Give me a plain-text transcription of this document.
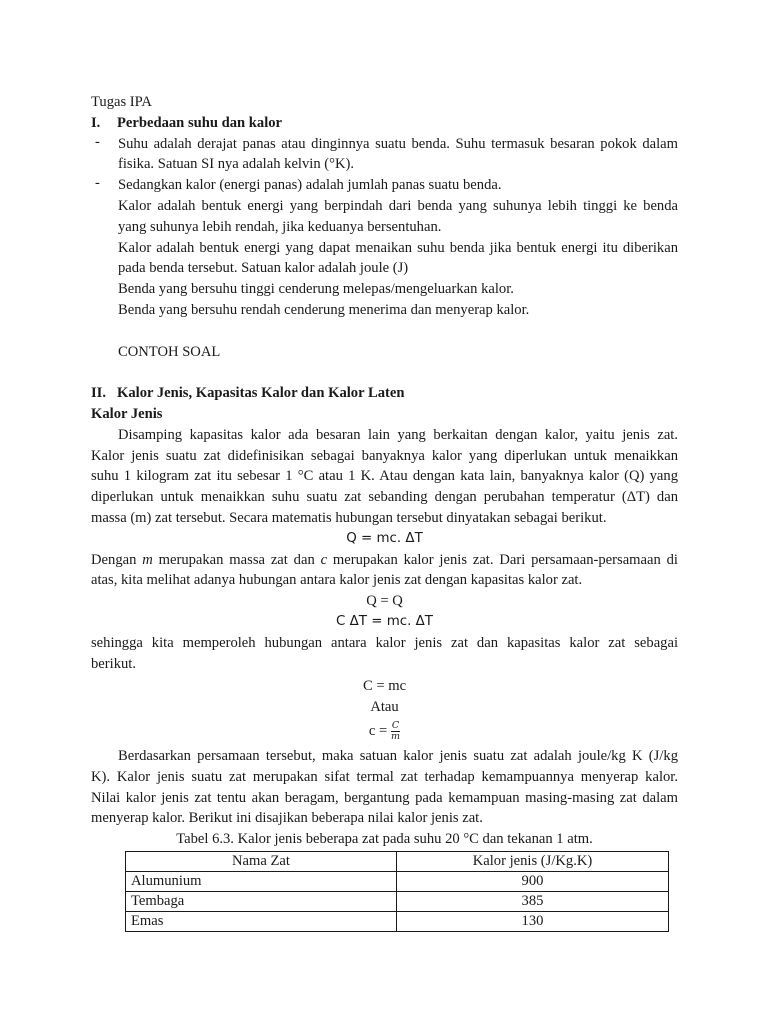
Tugas IPA
I. Perbedaan suhu dan kalor
- Suhu adalah derajat panas atau dinginnya suatu benda. Suhu termasuk besaran pokok dalam
fisika. Satuan SI nya adalah kelvin (°K).
- Sedangkan kalor (energi panas) adalah jumlah panas suatu benda.
Kalor adalah bentuk energi yang berpindah dari benda yang suhunya lebih tinggi ke benda
yang suhunya lebih rendah, jika keduanya bersentuhan.
Kalor adalah bentuk energi yang dapat menaikan suhu benda jika bentuk energi itu diberikan
pada benda tersebut. Satuan kalor adalah joule (J)
Benda yang bersuhu tinggi cenderung melepas/mengeluarkan kalor.
Benda yang bersuhu rendah cenderung menerima dan menyerap kalor.
CONTOH SOAL
II. Kalor Jenis, Kapasitas Kalor dan Kalor Laten
Kalor Jenis
Disamping kapasitas kalor ada besaran lain yang berkaitan dengan kalor, yaitu jenis zat.
Kalor jenis suatu zat didefinisikan sebagai banyaknya kalor yang diperlukan untuk menaikkan
suhu 1 kilogram zat itu sebesar 1 °C atau 1 K. Atau dengan kata lain, banyaknya kalor (Q) yang
diperlukan untuk menaikkan suhu suatu zat sebanding dengan perubahan temperatur (ΔT) dan
massa (m) zat tersebut. Secara matematis hubungan tersebut dinyatakan sebagai berikut.
Q = mc. ΔT
Dengan m merupakan massa zat dan c merupakan kalor jenis zat. Dari persamaan-persamaan di
atas, kita melihat adanya hubungan antara kalor jenis zat dengan kapasitas kalor zat.
Q = Q
C ΔT = mc. ΔT
sehingga kita memperoleh hubungan antara kalor jenis zat dan kapasitas kalor zat sebagai
berikut.
C = mc
Atau
$c = \frac{C}{m}$
Berdasarkan persamaan tersebut, maka satuan kalor jenis suatu zat adalah joule/kg K (J/kg
K). Kalor jenis suatu zat merupakan sifat termal zat terhadap kemampuannya menyerap kalor.
Nilai kalor jenis zat tentu akan beragam, bergantung pada kemampuan masing-masing zat dalam
menyerap kalor. Berikut ini disajikan beberapa nilai kalor jenis zat.
Tabel 6.3. Kalor jenis beberapa zat pada suhu 20 °C dan tekanan 1 atm.
Nama Zat	Kalor jenis (J/Kg.K)
Alumunium	900
Tembaga	385
Emas	130
